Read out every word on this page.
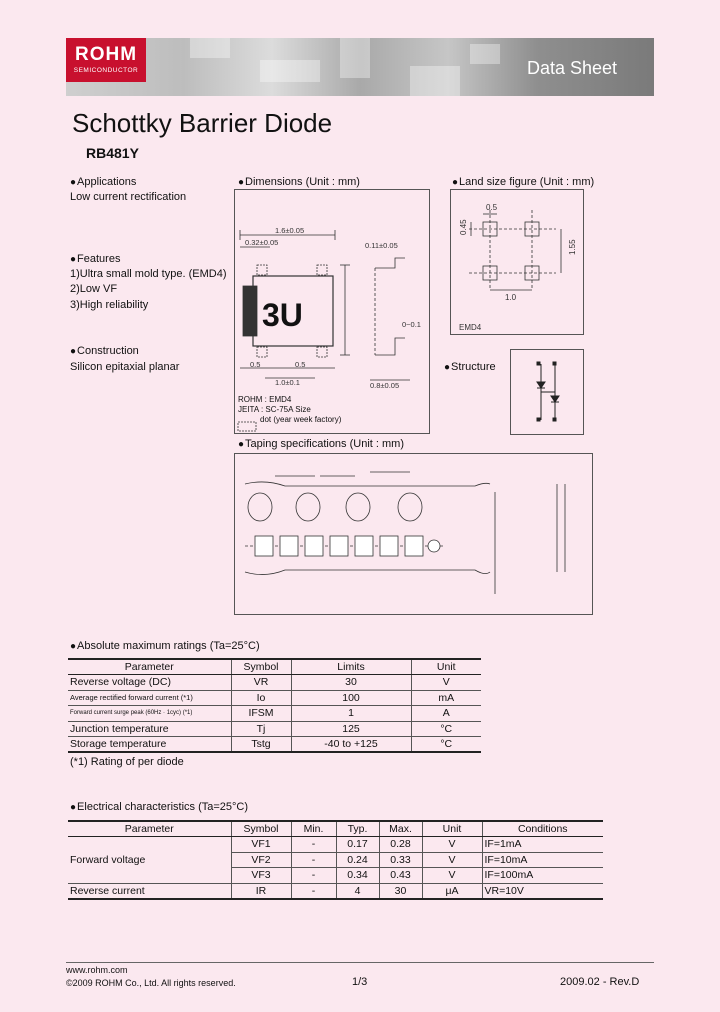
ROHM
SEMICONDUCTOR	Data Sheet
Schottky Barrier Diode
RB481Y
● Applications
Low current rectification
● Features
1)Ultra small mold type. (EMD4)
2)Low VF
3)High reliability
● Construction
Silicon epitaxial planar
● Dimensions (Unit : mm)
1.6±0.05
0.32±0.05	0.11±0.05
0.5	0.5
1.0±0.1
0~0.1
0.8±0.05
3U
ROHM : EMD4
JEITA : SC-75A Size
dot (year week factory)
● Land size figure (Unit : mm)
0.5
1.0
0.45
1.55
EMD4
● Structure
● Taping specifications (Unit : mm)
● Absolute maximum ratings (Ta=25°C)
Parameter	Symbol	Limits	Unit
Reverse voltage (DC)	VR	30	V
Average rectified forward current (*1)	Io	100	mA
Forward current surge peak (60Hz · 1cyc) (*1)	IFSM	1	A
Junction temperature	Tj	125	°C
Storage temperature	Tstg	-40 to +125	°C
(*1) Rating of per diode
● Electrical characteristics (Ta=25°C)
Parameter	Symbol	Min.	Typ.	Max.	Unit	Conditions
Forward voltage	VF1	-	0.17	0.28	V	IF=1mA
	VF2	-	0.24	0.33	V	IF=10mA
	VF3	-	0.34	0.43	V	IF=100mA
Reverse current	IR	-	4	30	μA	VR=10V
www.rohm.com
©2009 ROHM Co., Ltd. All rights reserved.	1/3	2009.02 - Rev.D
